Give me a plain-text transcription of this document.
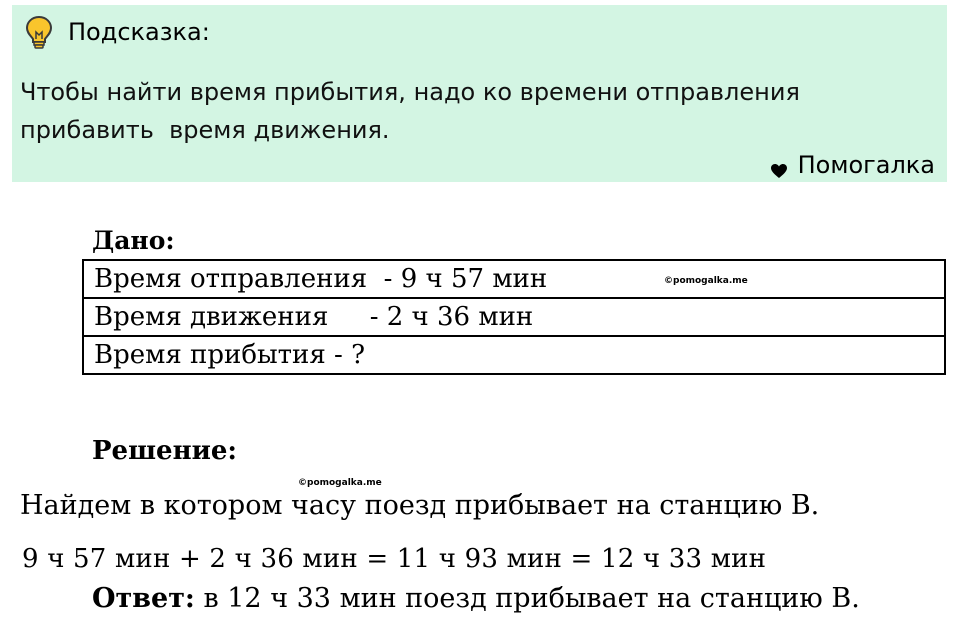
Подсказка:
Чтобы найти время прибытия, надо ко времени отправления
прибавить  время движения.
Помогалка
Дано:
Время отправления  - 9 ч 57 мин
Время движения     - 2 ч 36 мин
Время прибытия - ?
©pomogalka.me
©pomogalka.me
Решение:
Найдем в котором часу поезд прибывает на станцию В.
9 ч 57 мин + 2 ч 36 мин = 11 ч 93 мин = 12 ч 33 мин
Ответ: в 12 ч 33 мин поезд прибывает на станцию В.
